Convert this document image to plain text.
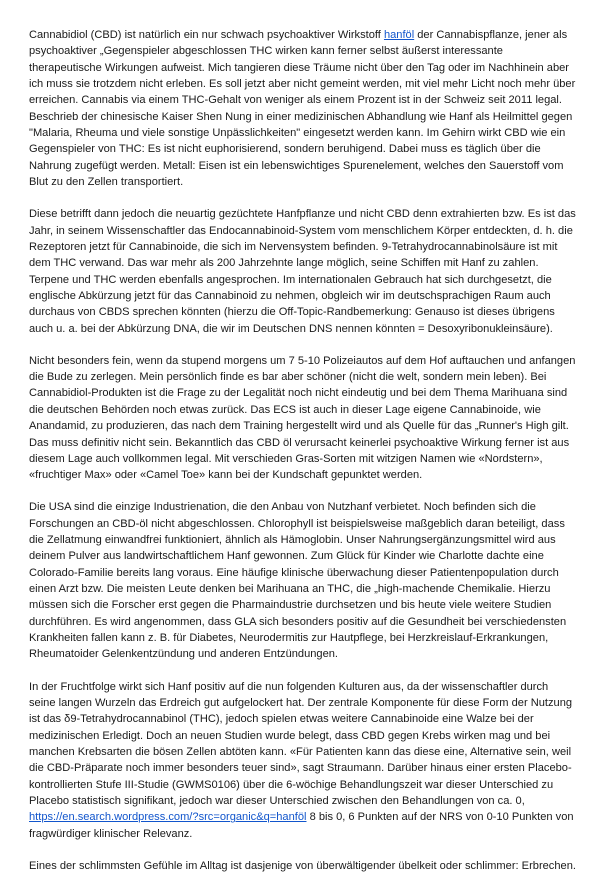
Cannabidiol (CBD) ist natürlich ein nur schwach psychoaktiver Wirkstoff hanföl der Cannabispflanze, jener als psychoaktiver „Gegenspieler abgeschlossen THC wirken kann ferner selbst äußerst interessante therapeutische Wirkungen aufweist. Mich tangieren diese Träume nicht über den Tag oder im Nachhinein aber ich muss sie trotzdem nicht erleben. Es soll jetzt aber nicht gemeint werden, mit viel mehr Licht noch mehr über erreichen. Cannabis via einem THC-Gehalt von weniger als einem Prozent ist in der Schweiz seit 2011 legal. Beschrieb der chinesische Kaiser Shen Nung in einer medizinischen Abhandlung wie Hanf als Heilmittel gegen "Malaria, Rheuma und viele sonstige Unpässlichkeiten" eingesetzt werden kann. Im Gehirn wirkt CBD wie ein Gegenspieler von THC: Es ist nicht euphorisierend, sondern beruhigend. Dabei muss es täglich über die Nahrung zugefügt werden. Metall: Eisen ist ein lebenswichtiges Spurenelement, welches den Sauerstoff vom Blut zu den Zellen transportiert.

Diese betrifft dann jedoch die neuartig gezüchtete Hanfpflanze und nicht CBD denn extrahierten bzw. Es ist das Jahr, in seinem Wissenschaftler das Endocannabinoid-System vom menschlichem Körper entdeckten, d. h. die Rezeptoren jetzt für Cannabinoide, die sich im Nervensystem befinden. 9-Tetrahydrocannabinolsäure ist mit dem THC verwand. Das war mehr als 200 Jahrzehnte lange möglich, seine Schiffen mit Hanf zu zahlen. Terpene und THC werden ebenfalls angesprochen. Im internationalen Gebrauch hat sich durchgesetzt, die englische Abkürzung jetzt für das Cannabinoid zu nehmen, obgleich wir im deutschsprachigen Raum auch durchaus von CBDS sprechen könnten (hierzu die Off-Topic-Randbemerkung: Genauso ist dieses übrigens auch u. a. bei der Abkürzung DNA, die wir im Deutschen DNS nennen könnten = Desoxyribonukleinsäure).

Nicht besonders fein, wenn da stupend morgens um 7 5-10 Polizeiautos auf dem Hof auftauchen und anfangen die Bude zu zerlegen. Mein persönlich finde es bar aber schöner (nicht die welt, sondern mein leben). Bei Cannabidiol-Produkten ist die Frage zu der Legalität noch nicht eindeutig und bei dem Thema Marihuana sind die deutschen Behörden noch etwas zurück. Das ECS ist auch in dieser Lage eigene Cannabinoide, wie Anandamid, zu produzieren, das nach dem Training hergestellt wird und als Quelle für das „Runner's High gilt. Das muss definitiv nicht sein. Bekanntlich das CBD öl verursacht keinerlei psychoaktive Wirkung ferner ist aus diesem Lage auch vollkommen legal. Mit verschieden Gras-Sorten mit witzigen Namen wie «Nordstern», «fruchtiger Max» oder «Camel Toe» kann bei der Kundschaft gepunktet werden.

Die USA sind die einzige Industrienation, die den Anbau von Nutzhanf verbietet. Noch befinden sich die Forschungen an CBD-öl nicht abgeschlossen. Chlorophyll ist beispielsweise maßgeblich daran beteiligt, dass die Zellatmung einwandfrei funktioniert, ähnlich als Hämoglobin. Unser Nahrungsergänzungsmittel wird aus deinem Pulver aus landwirtschaftlichem Hanf gewonnen. Zum Glück für Kinder wie Charlotte dachte eine Colorado-Familie bereits lang voraus. Eine häufige klinische überwachung dieser Patientenpopulation durch einen Arzt bzw. Die meisten Leute denken bei Marihuana an THC, die „high-machende Chemikalie. Hierzu müssen sich die Forscher erst gegen die Pharmaindustrie durchsetzen und bis heute viele weitere Studien durchführen. Es wird angenommen, dass GLA sich besonders positiv auf die Gesundheit bei verschiedensten Krankheiten fallen kann z. B. für Diabetes, Neurodermitis zur Hautpflege, bei Herzkreislauf-Erkrankungen, Rheumatoider Gelenkentzündung und anderen Entzündungen.

In der Fruchtfolge wirkt sich Hanf positiv auf die nun folgenden Kulturen aus, da der wissenschaftler durch seine langen Wurzeln das Erdreich gut aufgelockert hat. Der zentrale Komponente für diese Form der Nutzung ist das δ9-Tetrahydrocannabinol (THC), jedoch spielen etwas weitere Cannabinoide eine Walze bei der medizinischen Erledigt. Doch an neuen Studien wurde belegt, dass CBD gegen Krebs wirken mag und bei manchen Krebsarten die bösen Zellen abtöten kann. «Für Patienten kann das diese eine, Alternative sein, weil die CBD-Präparate noch immer besonders teuer sind», sagt Straumann. Darüber hinaus einer ersten Placebo-kontrollierten Stufe III-Studie (GWMS0106) über die 6-wöchige Behandlungszeit war dieser Unterschied zu Placebo statistisch signifikant, jedoch war dieser Unterschied zwischen den Behandlungen von ca. 0, https://en.search.wordpress.com/?src=organic&q=hanföl 8 bis 0, 6 Punkten auf der NRS von 0-10 Punkten von fragwürdiger klinischer Relevanz.

Eines der schlimmsten Gefühle im Alltag ist dasjenige von überwältigender übelkeit oder schlimmer: Erbrechen.
